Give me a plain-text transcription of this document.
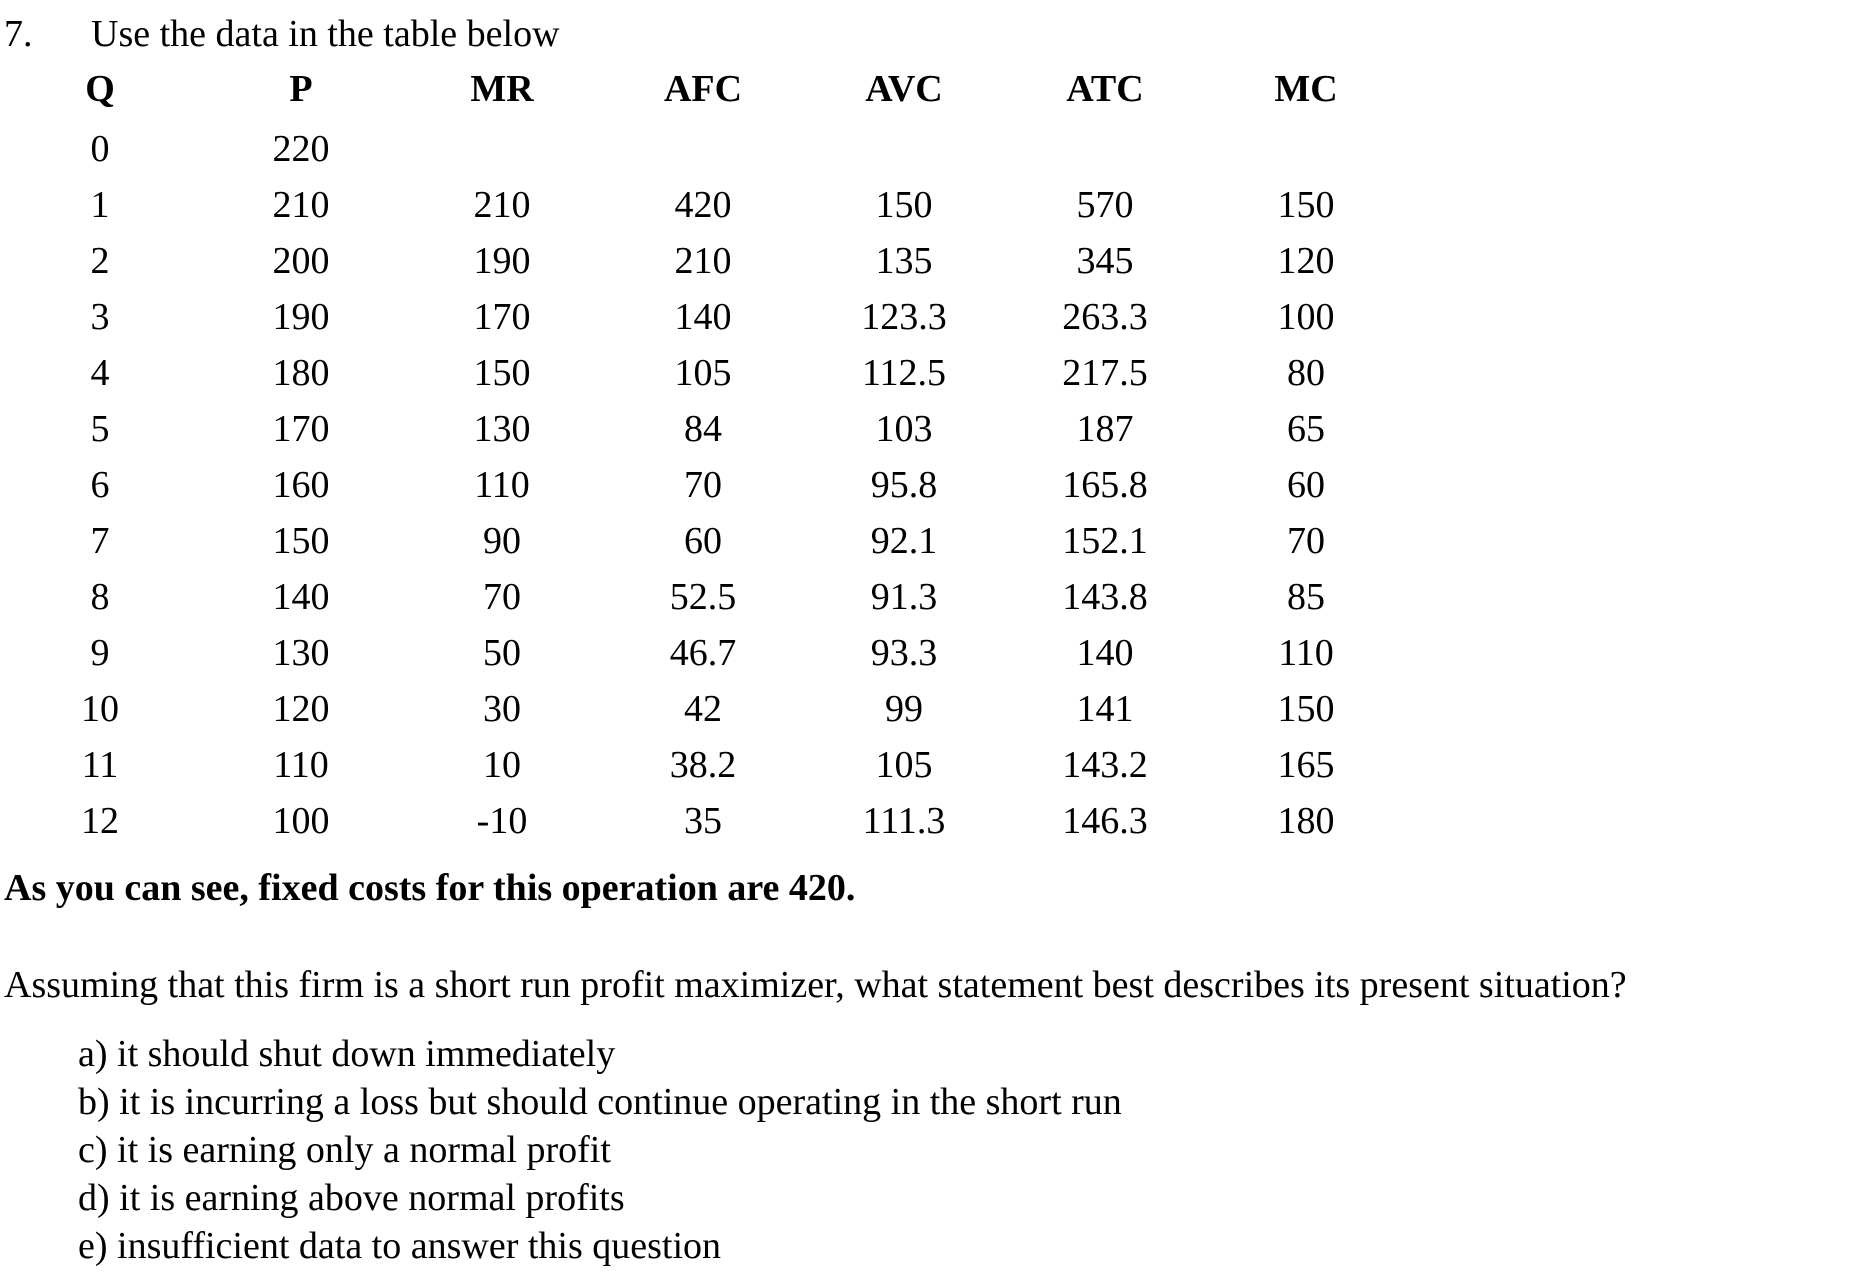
7. Use the data in the table below
Q	P	MR	AFC	AVC	ATC	MC
0	220
1	210	210	420	150	570	150
2	200	190	210	135	345	120
3	190	170	140	123.3	263.3	100
4	180	150	105	112.5	217.5	80
5	170	130	84	103	187	65
6	160	110	70	95.8	165.8	60
7	150	90	60	92.1	152.1	70
8	140	70	52.5	91.3	143.8	85
9	130	50	46.7	93.3	140	110
10	120	30	42	99	141	150
11	110	10	38.2	105	143.2	165
12	100	-10	35	111.3	146.3	180
As you can see, fixed costs for this operation are 420.
Assuming that this firm is a short run profit maximizer, what statement best describes its present situation?
a) it should shut down immediately
b) it is incurring a loss but should continue operating in the short run
c) it is earning only a normal profit
d) it is earning above normal profits
e) insufficient data to answer this question
